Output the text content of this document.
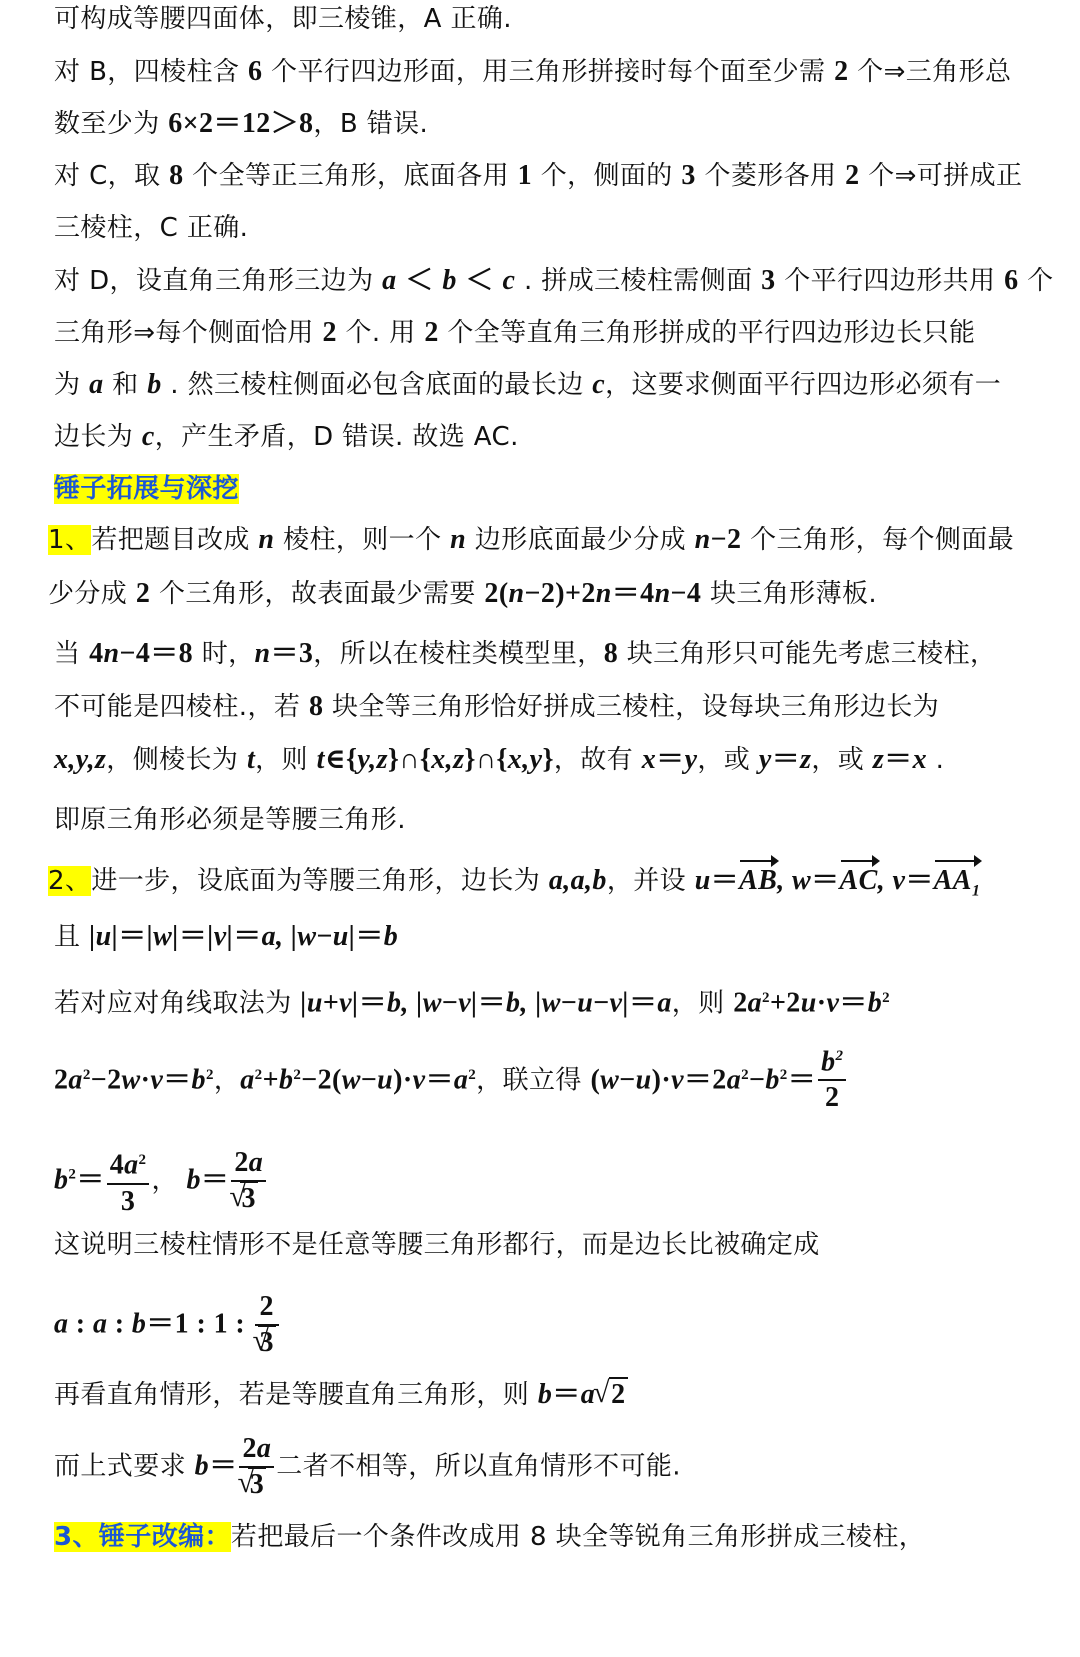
可构成等腰四面体，即三棱锥，A 正确.
对 B，四棱柱含 6 个平行四边形面，用三角形拼接时每个面至少需 2 个⇒三角形总
数至少为 6×2＝12＞8，B 错误.
对 C，取 8 个全等正三角形，底面各用 1 个，侧面的 3 个菱形各用 2 个⇒可拼成正
三棱柱，C 正确.
对 D，设直角三角形三边为 a ＜ b ＜ c . 拼成三棱柱需侧面 3 个平行四边形共用 6 个
三角形⇒每个侧面恰用 2 个. 用 2 个全等直角三角形拼成的平行四边形边长只能
为 a 和 b . 然三棱柱侧面必包含底面的最长边 c，这要求侧面平行四边形必须有一
边长为 c，产生矛盾，D 错误. 故选 AC.
锤子拓展与深挖
1、若把题目改成 n 棱柱，则一个 n 边形底面最少分成 n−2 个三角形，每个侧面最
少分成 2 个三角形，故表面最少需要 2(n−2)+2n＝4n−4 块三角形薄板.
当 4n−4＝8 时，n＝3，所以在棱柱类模型里，8 块三角形只可能先考虑三棱柱，
不可能是四棱柱.，若 8 块全等三角形恰好拼成三棱柱，设每块三角形边长为
x,y,z，侧棱长为 t，则 t∈{y,z}∩{x,z}∩{x,y}，故有 x＝y，或 y＝z，或 z＝x .
即原三角形必须是等腰三角形.
2、进一步，设底面为等腰三角形，边长为 a,a,b，并设 u＝AB, w＝AC, $v=AA_1$
且 |u|＝|w|＝|v|＝a, |w−u|＝b
若对应对角线取法为 |u+v|＝b, |w−v|＝b, |w−u−v|＝a，则 $2a^2+2u\cdot v=b^2$
$2a^2-2w\cdot v=b^2$，$a^2+b^2-2(w-u)\cdot v=a^2$，联立得 $(w-u)\cdot v=2a^2-b^2= \frac{b^2}{2}$
$b^2= \frac{4a^2}{3}$ ， b＝ 2a
√ 3
这说明三棱柱情形不是任意等腰三角形都行，而是边长比被确定成
a : a : b＝1 : 1 : 2
√ 3
再看直角情形，若是等腰直角三角形，则 b＝a√ 2
而上式要求 b＝ 2a
√ 3 二者不相等，所以直角情形不可能.
3、锤子改编：若把最后一个条件改成用 8 块全等锐角三角形拼成三棱柱，
